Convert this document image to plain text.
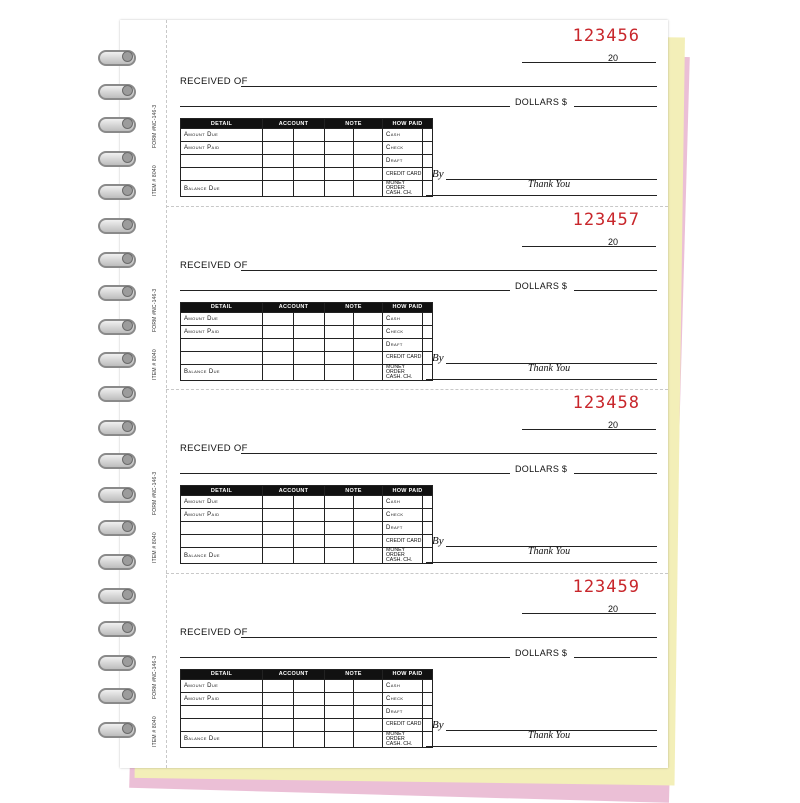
FORM #NC-146-3
ITEM # 8040
123456
20
RECEIVED OF
DOLLARS $
DETAIL	ACCOUNT		NOTE		HOW PAID	
Amount Due					Cash	
Amount Paid					Check	
					Draft	
					CREDIT CARD	
Balance Due					MONEY ORDER
CASH. CH.	
By
Thank You
FORM #NC-146-3
ITEM # 8040
123457
20
RECEIVED OF
DOLLARS $
DETAIL	ACCOUNT		NOTE		HOW PAID	
Amount Due					Cash	
Amount Paid					Check	
					Draft	
					CREDIT CARD	
Balance Due					MONEY ORDER
CASH. CH.	
By
Thank You
FORM #NC-146-3
ITEM # 8040
123458
20
RECEIVED OF
DOLLARS $
DETAIL	ACCOUNT		NOTE		HOW PAID	
Amount Due					Cash	
Amount Paid					Check	
					Draft	
					CREDIT CARD	
Balance Due					MONEY ORDER
CASH. CH.	
By
Thank You
FORM #NC-146-3
ITEM # 8040
123459
20
RECEIVED OF
DOLLARS $
DETAIL	ACCOUNT		NOTE		HOW PAID	
Amount Due					Cash	
Amount Paid					Check	
					Draft	
					CREDIT CARD	
Balance Due					MONEY ORDER
CASH. CH.	
By
Thank You
